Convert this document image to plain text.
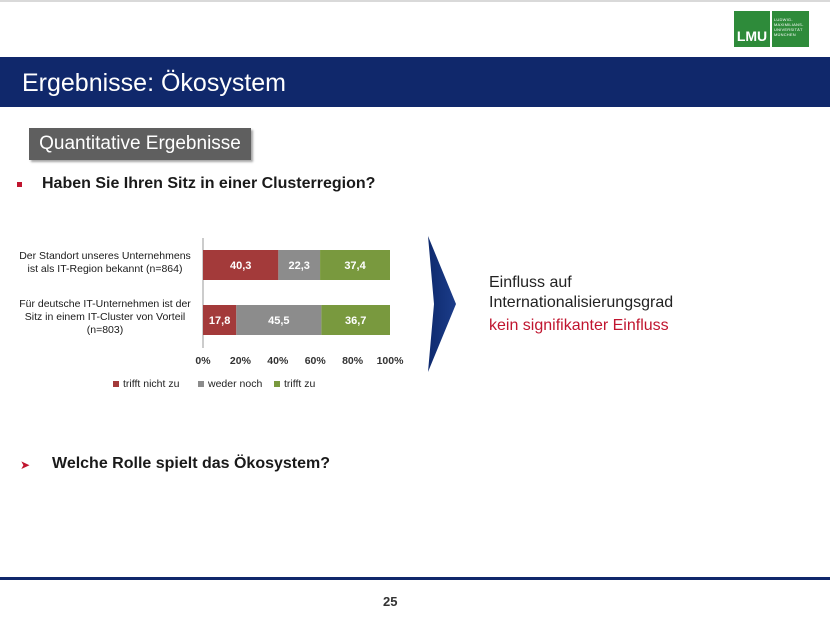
LMU
LUDWIG-
MAXIMILIANS-
UNIVERSITÄT
MÜNCHEN
Ergebnisse: Ökosystem
Quantitative Ergebnisse
Haben Sie Ihren Sitz in einer Clusterregion?
Der Standort unseres Unternehmens
ist als IT-Region bekannt (n=864)
Für deutsche IT-Unternehmen ist der
Sitz in einem IT-Cluster von Vorteil
(n=803)
40,3	22,3	37,4
17,8	45,5	36,7
0% 20% 40% 60% 80% 100%
trifft nicht zu	weder noch trifft zu
Einfluss auf
Internationalisierungsgrad
kein signifikanter Einfluss
➤ Welche Rolle spielt das Ökosystem?
25
